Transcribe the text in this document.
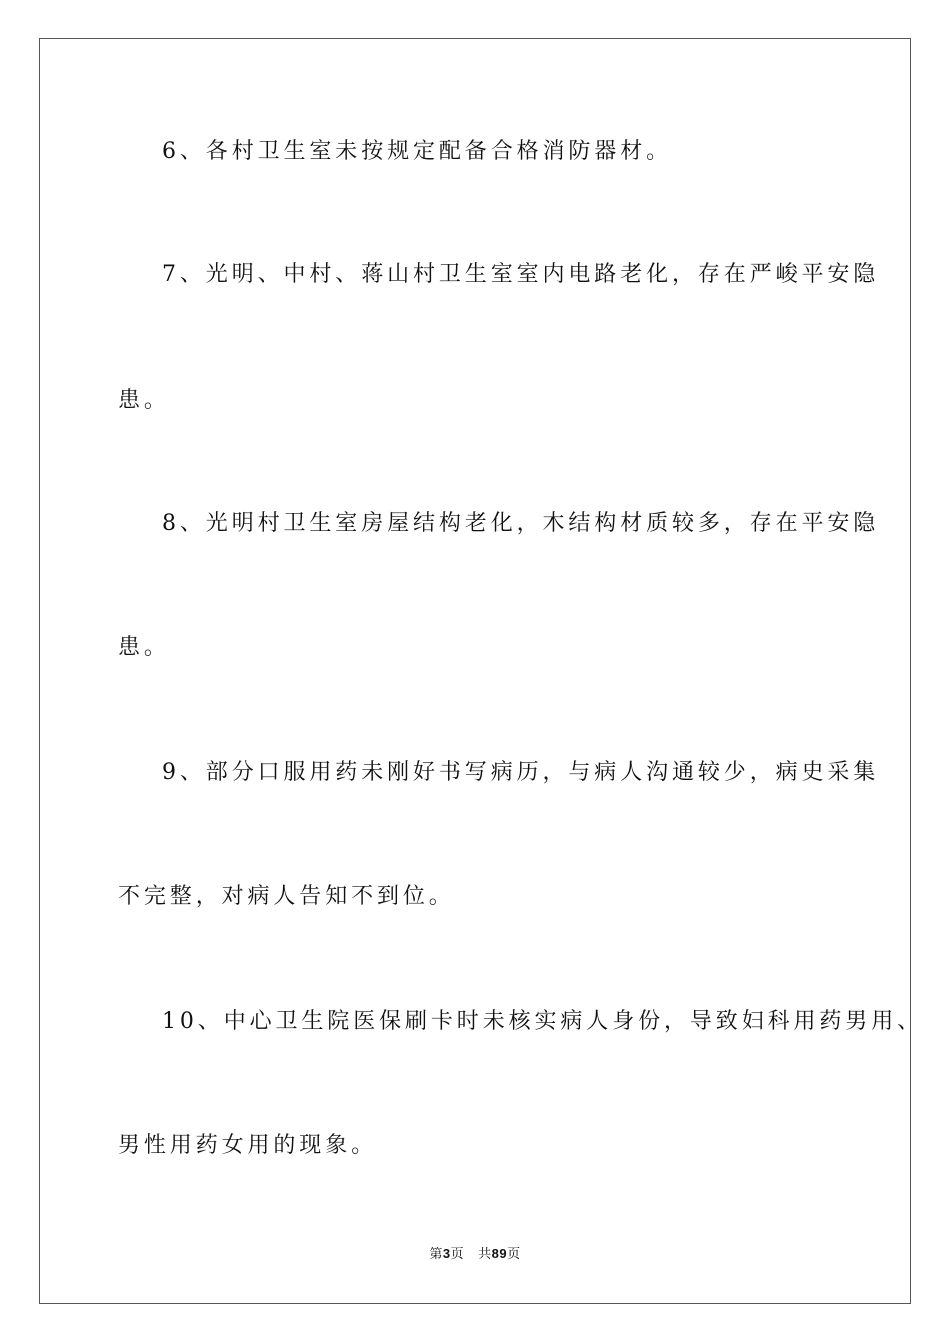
6、各村卫生室未按规定配备合格消防器材。
7、光明、中村、蒋山村卫生室室内电路老化，存在严峻平安隐
患。
8、光明村卫生室房屋结构老化，木结构材质较多，存在平安隐
患。
9、部分口服用药未刚好书写病历，与病人沟通较少，病史采集
不完整，对病人告知不到位。
10、中心卫生院医保刷卡时未核实病人身份，导致妇科用药男用、
男性用药女用的现象。
第3页 共89页
